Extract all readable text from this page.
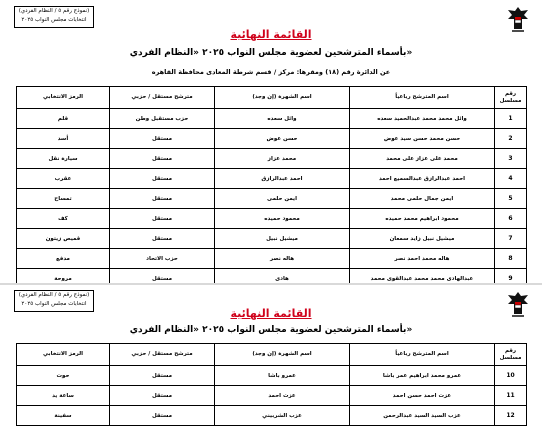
(نموذج رقم ٥ / النظام الفردي)
انتخابات مجلس النواب ٢٠٢٥
القائمة النهائية
بأسماء المترشحين لعضوية مجلس النواب ٢٠٢٥ «النظام الفردي»
عن الدائرة رقم (١٨) ومقرها: مركز / قسم شرطة المعادى محافظة القاهره
رقم مسلسل	اسم المترشح رباعياً	اسم الشهرة (إن وجد)	مترشح مستقل / حزبي	الرمز الانتخابي
1	وائل محمد محمد عبدالحميد سعده	وائل سعده	حزب مستقبل وطن	قلم
2	حسن محمد حسن سيد عوض	حسن عوض	مستقل	أسد
3	محمد على عزاز على محمد	محمد عزاز	مستقل	سيارة نقل
4	احمد عبدالرازق عبدالسميع احمد	احمد عبدالرازق	مستقل	عقرب
5	ايمن جمال حلمى محمد	ايمن حلمى	مستقل	تمساح
6	محمود ابراهيم محمد حميده	محمود حميده	مستقل	كف
7	ميشيل نبيل زايد سمعان	ميشيل نبيل	مستقل	قميص زيتون
8	هاله محمد احمد نصر	هاله نصر	حزب الاتحاد	مدفع
9	عبدالهادى محمد محمد عبدالقوى محمد	هادى	مستقل	مروحة
(نموذج رقم ٥ / النظام الفردي)
انتخابات مجلس النواب ٢٠٢٥
القائمة النهائية
بأسماء المترشحين لعضوية مجلس النواب ٢٠٢٥ «النظام الفردي»
رقم مسلسل	اسم المترشح رباعياً	اسم الشهرة (إن وجد)	مترشح مستقل / حزبي	الرمز الانتخابي
10	عمرو محمد ابراهيم عمر باشا	عمرو باشا	مستقل	حوت
11	عزت احمد حسن احمد	عزت احمد	مستقل	ساعة يد
12	عزب السيد السيد عبدالرحمن	عزب الشربيني	مستقل	سفينة
